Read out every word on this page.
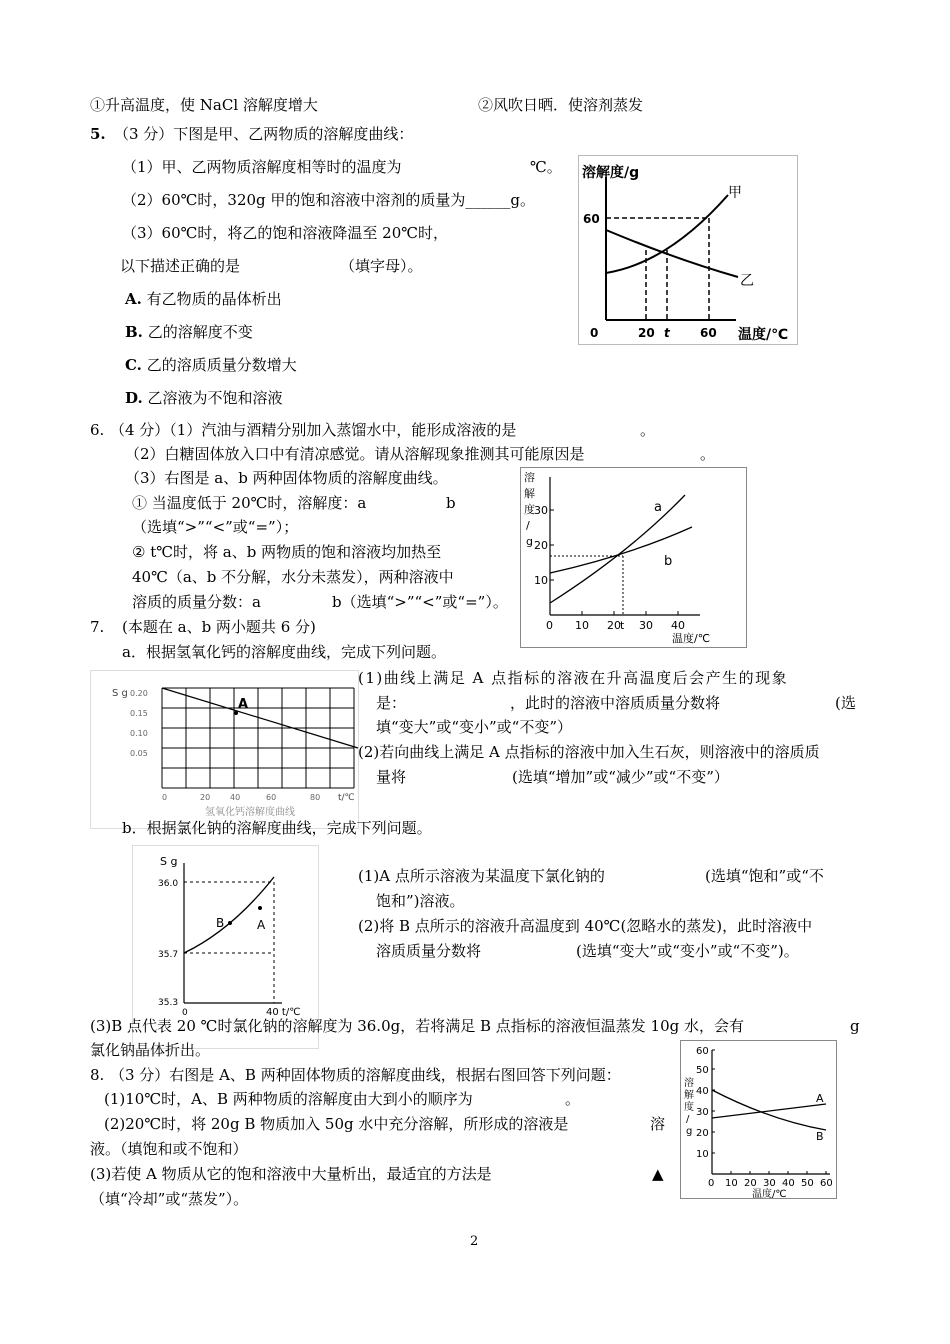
①升高温度，使 NaCl 溶解度增大	②风吹日晒．使溶剂蒸发
5. （3 分）下图是甲、乙两物质的溶解度曲线：
（1）甲、乙两物质溶解度相等时的温度为	℃。
（2）60℃时，320g 甲的饱和溶液中溶剂的质量为______g。
（3）60℃时，将乙的饱和溶液降温至 20℃时，
以下描述正确的是	（填字母）。
A. 有乙物质的晶体析出
B. 乙的溶解度不变
C. 乙的溶质质量分数增大
D. 乙溶液为不饱和溶液
溶解度/g
60
0	20 t	60 温度/℃
甲
乙
6. （4 分）（1）汽油与酒精分别加入蒸馏水中，能形成溶液的是	。
（2）白糖固体放入口中有清凉感觉。请从溶解现象推测其可能原因是	。
（3）右图是 a、b 两种固体物质的溶解度曲线。
① 当温度低于 20℃时，溶解度：a	b
（选填“>”“<”或“=”）；
② t℃时，将 a、b 两物质的饱和溶液均加热至
40℃（a、b 不分解，水分未蒸发），两种溶液中
溶质的质量分数：a	b（选填“>”“<”或“=”）。
溶
解
度
/
g
10
20
30
0 10 20 t 30 40
温度/℃
a
b
7. (本题在 a、b 两小题共 6 分)
a．根据氢氧化钙的溶解度曲线，完成下列问题。
A
S g 0.20
0.15
0.10
0.05
0	20 40	60	80 t/℃
氢氧化钙溶解度曲线
(1)曲线上满足 A 点指标的溶液在升高温度后会产生的现象
是：	，此时的溶液中溶质质量分数将	(选
填“变大”或“变小”或“不变”）
(2)若向曲线上满足 A 点指标的溶液中加入生石灰，则溶液中的溶质质
量将	(选填“增加”或“减少”或“不变”）
b．根据氯化钠的溶解度曲线，完成下列问题。
B	A
S g
36.0
35.7
35.3
0	40 t/℃
(1)A 点所示溶液为某温度下氯化钠的	(选填“饱和”或“不
饱和”)溶液。
(2)将 B 点所示的溶液升高温度到 40℃(忽略水的蒸发)，此时溶液中
溶质质量分数将	(选填“变大”或“变小”或“不变”)。
(3)B 点代表 20 ℃时氯化钠的溶解度为 36.0g，若将满足 B 点指标的溶液恒温蒸发 10g 水，会有	g
氯化钠晶体折出。
8. （3 分）右图是 A、B 两种固体物质的溶解度曲线，根据右图回答下列问题：
(1)10℃时，A、B 两种物质的溶解度由大到小的顺序为	。
(2)20℃时，将 20g B 物质加入 50g 水中充分溶解，所形成的溶液是	溶
液。（填饱和或不饱和）
(3)若使 A 物质从它的饱和溶液中大量析出，最适宜的方法是	▲
（填“冷却”或“蒸发”）。
A
B
溶
解
度
/
g
60
50
40
30
20
10
0 10 20 30 40 50 60
温度/℃
2
